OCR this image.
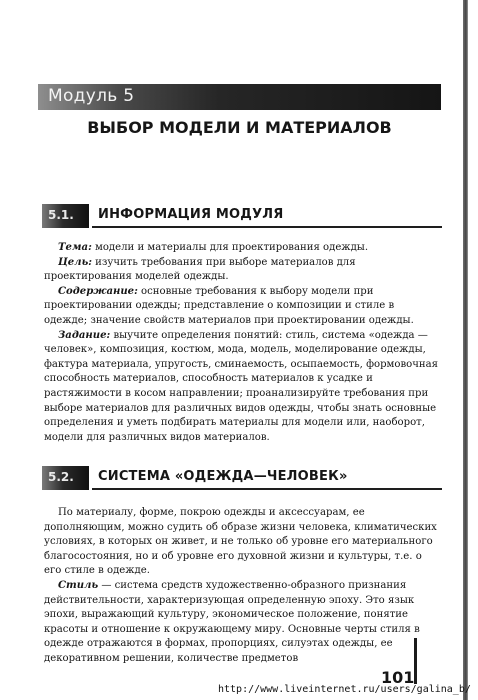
Модуль 5
ВЫБОР МОДЕЛИ И МАТЕРИАЛОВ
5.1. ИНФОРМАЦИЯ МОДУЛЯ

Тема: модели и материалы для проектирования одежды.

Цель: изучить требования при выборе материалов для проектирования моделей одежды.

Содержание: основные требования к выбору модели при проектировании одежды; представление о композиции и стиле в одежде; значение свойств материалов при проектировании одежды.

Задание: выучите определения понятий: стиль, система «одежда — человек», композиция, костюм, мода, модель, моделирование одежды, фактура материала, упругость, сминаемость, осыпаемость, формовочная способность материалов, способность материалов к усадке и растяжимости в косом направлении; проанализируйте требования при выборе материалов для различных видов одежды, чтобы знать основные определения и уметь подбирать материалы для модели или, наоборот, модели для различных видов материалов.

5.2. СИСТЕМА «ОДЕЖДА—ЧЕЛОВЕК»

По материалу, форме, покрою одежды и аксессуарам, ее дополняющим, можно судить об образе жизни человека, климатических условиях, в которых он живет, и не только об уровне его материального благосостояния, но и об уровне его духовной жизни и культуры, т.е. о его стиле в одежде.

Стиль — система средств художественно-образного признания действительности, характеризующая определенную эпоху. Это язык эпохи, выражающий культуру, экономическое положение, понятие красоты и отношение к окружающему миру. Основные черты стиля в одежде отражаются в формах, пропорциях, силуэтах одежды, ее декоративном решении, количестве предметов

101
http://www.liveinternet.ru/users/galina_b/
